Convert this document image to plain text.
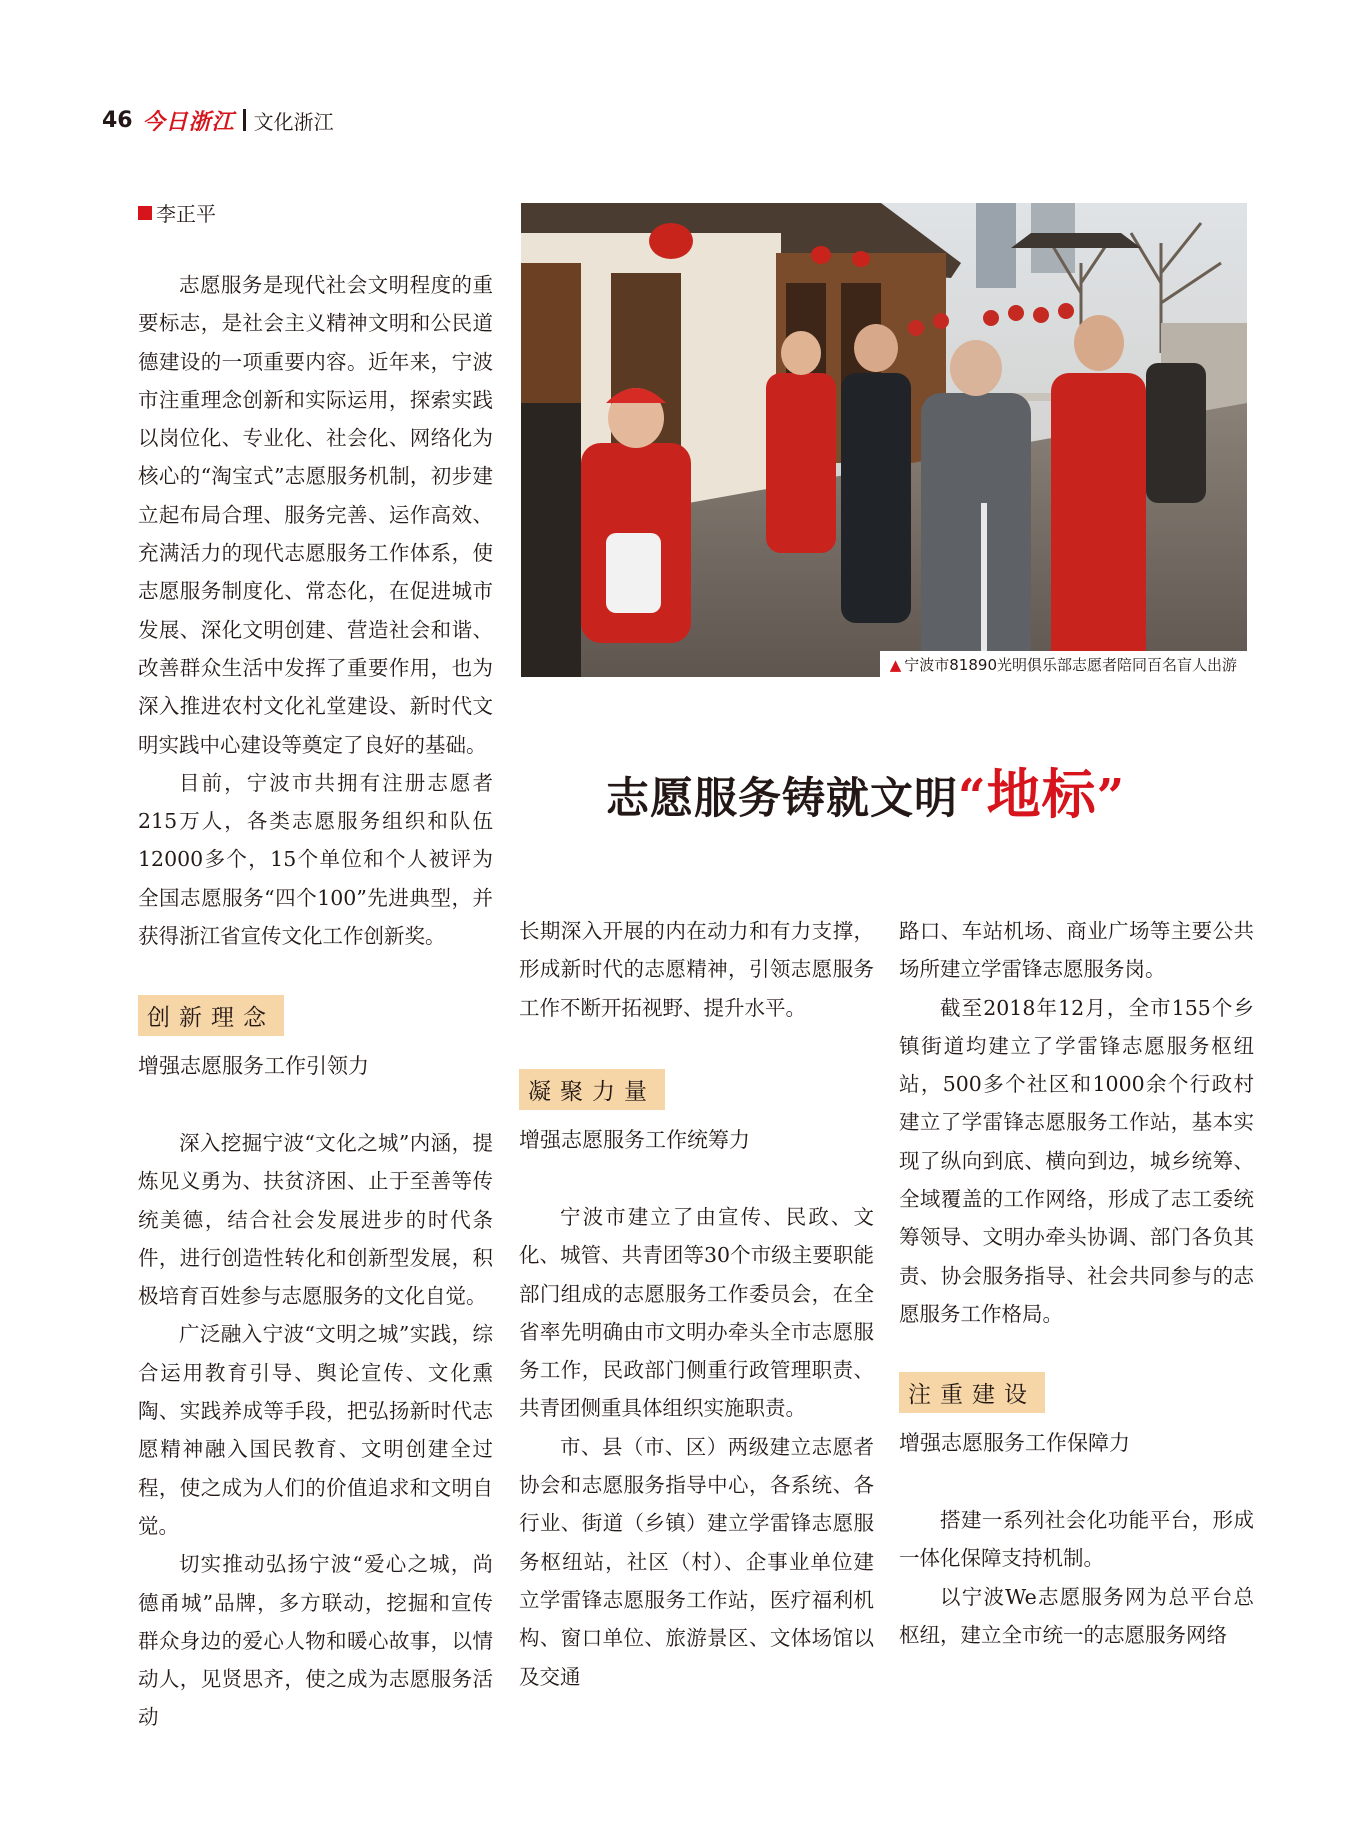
46 今日浙江 文化浙江
李正平
▲ 宁波市81890光明俱乐部志愿者陪同百名盲人出游
志愿服务铸就文明“地标”

志愿服务是现代社会文明程度的重要标志，是社会主义精神文明和公民道德建设的一项重要内容。近年来，宁波市注重理念创新和实际运用，探索实践以岗位化、专业化、社会化、网络化为核心的“淘宝式”志愿服务机制，初步建立起布局合理、服务完善、运作高效、充满活力的现代志愿服务工作体系，使志愿服务制度化、常态化，在促进城市发展、深化文明创建、营造社会和谐、改善群众生活中发挥了重要作用，也为深入推进农村文化礼堂建设、新时代文明实践中心建设等奠定了良好的基础。

目前，宁波市共拥有注册志愿者215万人，各类志愿服务组织和队伍12000多个，15个单位和个人被评为全国志愿服务“四个100”先进典型，并获得浙江省宣传文化工作创新奖。

创新理念
增强志愿服务工作引领力

深入挖掘宁波“文化之城”内涵，提炼见义勇为、扶贫济困、止于至善等传统美德，结合社会发展进步的时代条件，进行创造性转化和创新型发展，积极培育百姓参与志愿服务的文化自觉。

广泛融入宁波“文明之城”实践，综合运用教育引导、舆论宣传、文化熏陶、实践养成等手段，把弘扬新时代志愿精神融入国民教育、文明创建全过程，使之成为人们的价值追求和文明自觉。

切实推动弘扬宁波“爱心之城，尚德甬城”品牌，多方联动，挖掘和宣传群众身边的爱心人物和暖心故事，以情动人，见贤思齐，使之成为志愿服务活动

长期深入开展的内在动力和有力支撑，形成新时代的志愿精神，引领志愿服务工作不断开拓视野、提升水平。

凝聚力量
增强志愿服务工作统筹力

宁波市建立了由宣传、民政、文化、城管、共青团等30个市级主要职能部门组成的志愿服务工作委员会，在全省率先明确由市文明办牵头全市志愿服务工作，民政部门侧重行政管理职责、共青团侧重具体组织实施职责。

市、县（市、区）两级建立志愿者协会和志愿服务指导中心，各系统、各行业、街道（乡镇）建立学雷锋志愿服务枢纽站，社区（村）、企事业单位建立学雷锋志愿服务工作站，医疗福利机构、窗口单位、旅游景区、文体场馆以及交通

路口、车站机场、商业广场等主要公共场所建立学雷锋志愿服务岗。

截至2018年12月，全市155个乡镇街道均建立了学雷锋志愿服务枢纽站，500多个社区和1000余个行政村建立了学雷锋志愿服务工作站，基本实现了纵向到底、横向到边，城乡统筹、全域覆盖的工作网络，形成了志工委统筹领导、文明办牵头协调、部门各负其责、协会服务指导、社会共同参与的志愿服务工作格局。

注重建设
增强志愿服务工作保障力

搭建一系列社会化功能平台，形成一体化保障支持机制。

以宁波We志愿服务网为总平台总枢纽，建立全市统一的志愿服务网络
